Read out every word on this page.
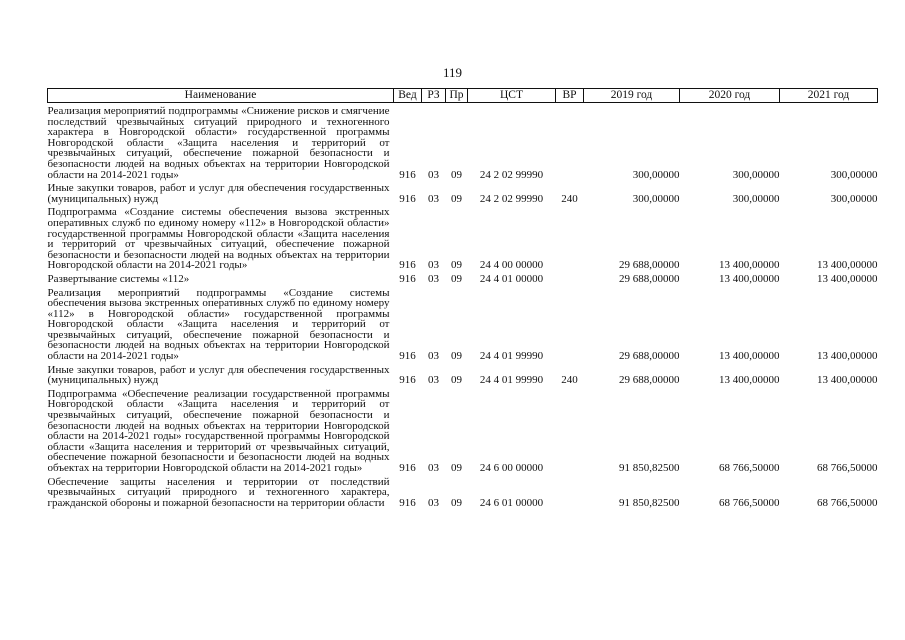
119
Наименование	Вед	РЗ	Пр	ЦСТ	ВР	2019 год	2020 год	2021 год
Реализация мероприятий подпрограммы «Снижение рисков и смягчение последствий чрезвычайных ситуаций природного и техногенного характера в Новгородской области» государственной программы Новгородской области «Защита населения и территорий от чрезвычайных ситуаций, обеспечение пожарной безопасности и безопасности людей на водных объектах на территории Новгородской области на 2014-2021 годы»	916	03	09	24 2 02 99990		300,00000	300,00000	300,00000
Иные закупки товаров, работ и услуг для обеспечения государственных (муниципальных) нужд	916	03	09	24 2 02 99990	240	300,00000	300,00000	300,00000
Подпрограмма «Создание системы обеспечения вызова экстренных оперативных служб по единому номеру «112» в Новгородской области» государственной программы Новгородской области «Защита населения и территорий от чрезвычайных ситуаций, обеспечение пожарной безопасности и безопасности людей на водных объектах на территории Новгородской области на 2014-2021 годы»	916	03	09	24 4 00 00000		29 688,00000	13 400,00000	13 400,00000
Развертывание системы «112»	916	03	09	24 4 01 00000		29 688,00000	13 400,00000	13 400,00000
Реализация мероприятий подпрограммы «Создание системы обеспечения вызова экстренных оперативных служб по единому номеру «112» в Новгородской области» государственной программы Новгородской области «Защита населения и территорий от чрезвычайных ситуаций, обеспечение пожарной безопасности и безопасности людей на водных объектах на территории Новгородской области на 2014-2021 годы»	916	03	09	24 4 01 99990		29 688,00000	13 400,00000	13 400,00000
Иные закупки товаров, работ и услуг для обеспечения государственных (муниципальных) нужд	916	03	09	24 4 01 99990	240	29 688,00000	13 400,00000	13 400,00000
Подпрограмма «Обеспечение реализации государственной программы Новгородской области «Защита населения и территорий от чрезвычайных ситуаций, обеспечение пожарной безопасности и безопасности людей на водных объектах на территории Новгородской области на 2014-2021 годы» государственной программы Новгородской области «Защита населения и территорий от чрезвычайных ситуаций, обеспечение пожарной безопасности и безопасности людей на водных объектах на территории Новгородской области на 2014-2021 годы»	916	03	09	24 6 00 00000		91 850,82500	68 766,50000	68 766,50000
Обеспечение защиты населения и территории от последствий чрезвычайных ситуаций природного и техногенного характера, гражданской обороны и пожарной безопасности на территории области	916	03	09	24 6 01 00000		91 850,82500	68 766,50000	68 766,50000
